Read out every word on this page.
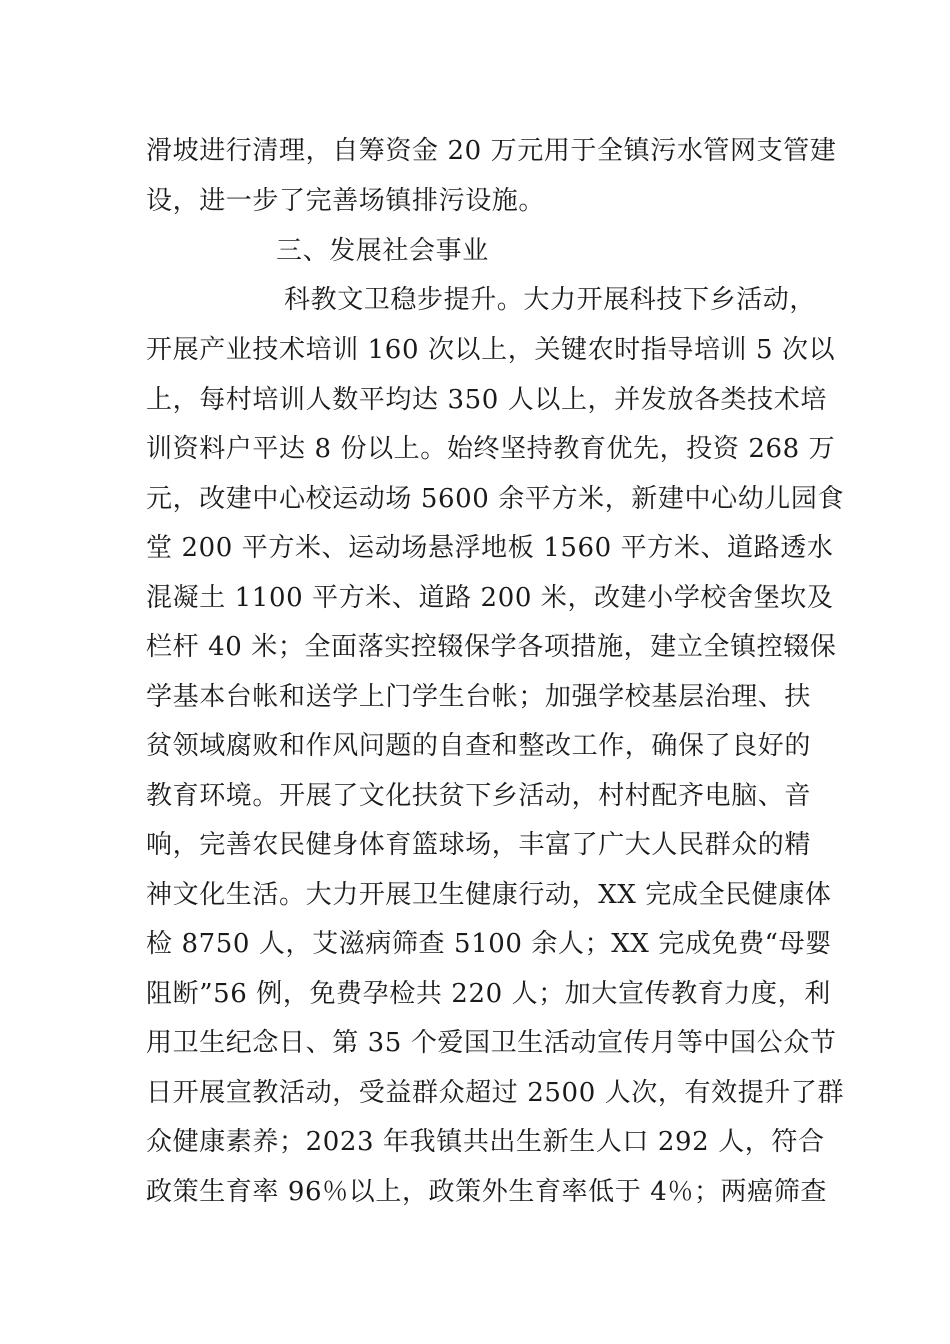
滑坡进行清理，自筹资金 20 万元用于全镇污水管网支管建
设，进一步了完善场镇排污设施。
三、发展社会事业
科教文卫稳步提升。大力开展科技下乡活动，
开展产业技术培训 160 次以上，关键农时指导培训 5 次以
上，每村培训人数平均达 350 人以上，并发放各类技术培
训资料户平达 8 份以上。始终坚持教育优先，投资 268 万
元，改建中心校运动场 5600 余平方米，新建中心幼儿园食
堂 200 平方米、运动场悬浮地板 1560 平方米、道路透水
混凝土 1100 平方米、道路 200 米，改建小学校舍堡坎及
栏杆 40 米；全面落实控辍保学各项措施，建立全镇控辍保
学基本台帐和送学上门学生台帐；加强学校基层治理、扶
贫领域腐败和作风问题的自查和整改工作，确保了良好的
教育环境。开展了文化扶贫下乡活动，村村配齐电脑、音
响，完善农民健身体育篮球场，丰富了广大人民群众的精
神文化生活。大力开展卫生健康行动，XX 完成全民健康体
检 8750 人，艾滋病筛查 5100 余人；XX 完成免费“母婴
阻断”56 例，免费孕检共 220 人；加大宣传教育力度，利
用卫生纪念日、第 35 个爱国卫生活动宣传月等中国公众节
日开展宣教活动，受益群众超过 2500 人次，有效提升了群
众健康素养；2023 年我镇共出生新生人口 292 人，符合
政策生育率 96％以上，政策外生育率低于 4％；两癌筛查
